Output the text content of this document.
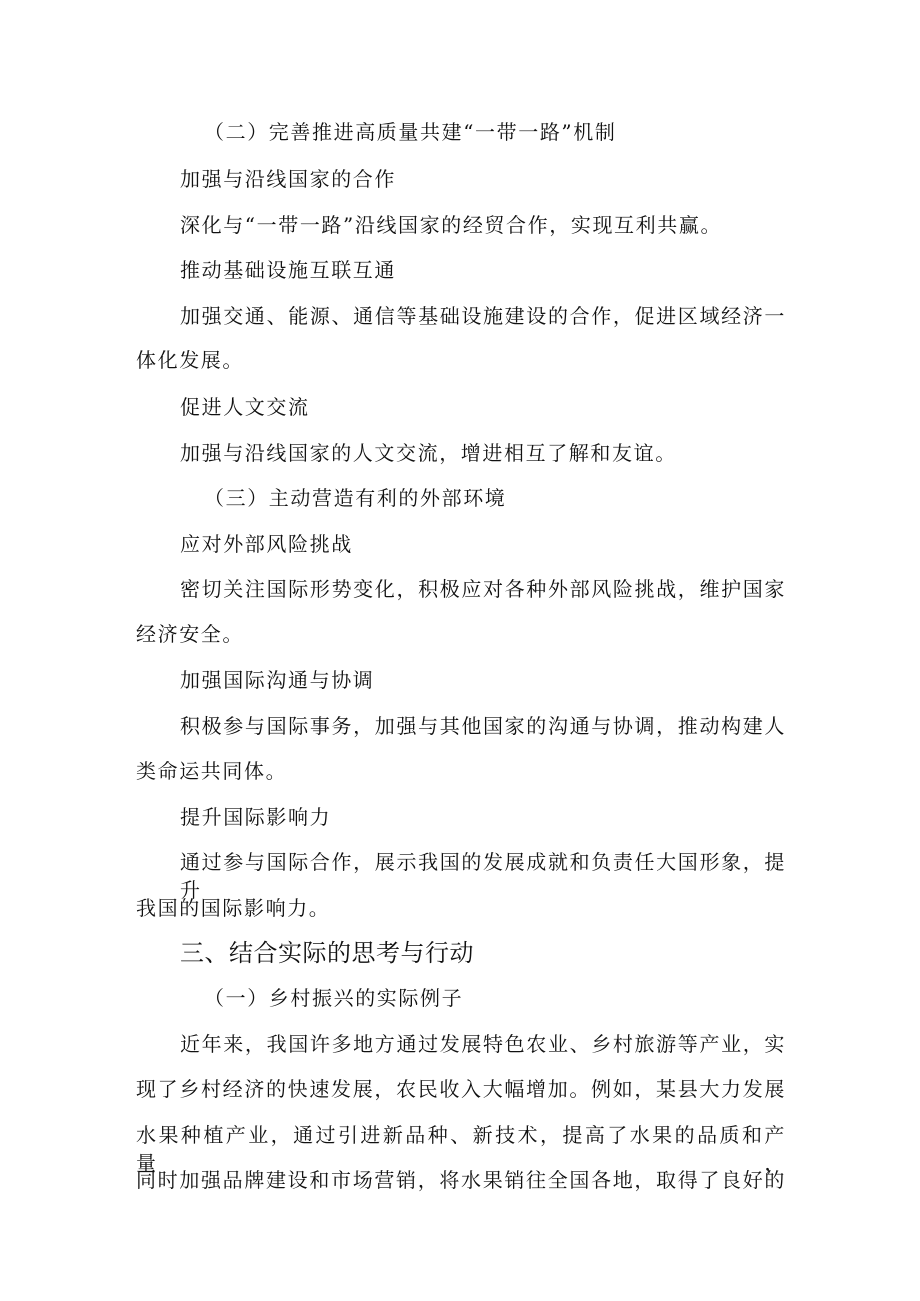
（二）完善推进高质量共建“一带一路”机制
加强与沿线国家的合作
深化与“一带一路”沿线国家的经贸合作，实现互利共赢。
推动基础设施互联互通
加强交通、能源、通信等基础设施建设的合作，促进区域经济一
体化发展。
促进人文交流
加强与沿线国家的人文交流，增进相互了解和友谊。
（三）主动营造有利的外部环境
应对外部风险挑战
密切关注国际形势变化，积极应对各种外部风险挑战，维护国家
经济安全。
加强国际沟通与协调
积极参与国际事务，加强与其他国家的沟通与协调，推动构建人
类命运共同体。
提升国际影响力
通过参与国际合作，展示我国的发展成就和负责任大国形象，提升
我国的国际影响力。
三、结合实际的思考与行动
（一）乡村振兴的实际例子
近年来，我国许多地方通过发展特色农业、乡村旅游等产业，实
现了乡村经济的快速发展，农民收入大幅增加。例如，某县大力发展
水果种植产业，通过引进新品种、新技术，提高了水果的品质和产量，
同时加强品牌建设和市场营销，将水果销往全国各地，取得了良好的
